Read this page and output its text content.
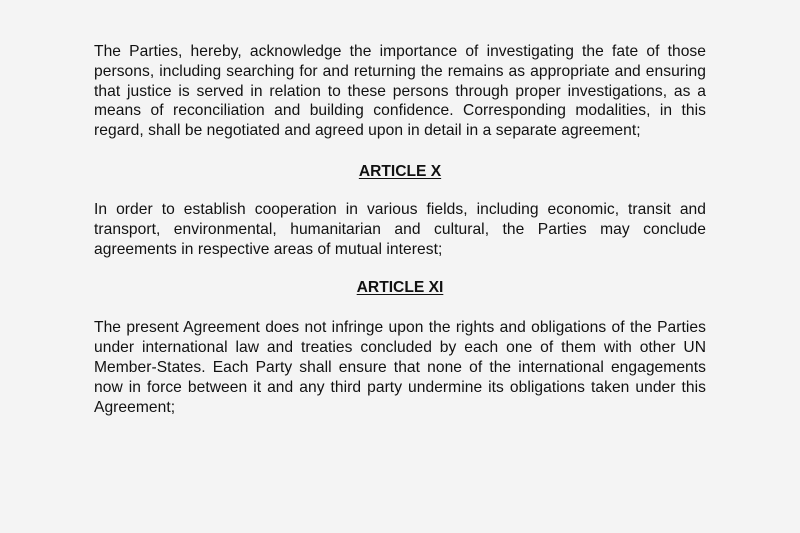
The Parties, hereby, acknowledge the importance of investigating the fate of those persons, including searching for and returning the remains as appropriate and ensuring that justice is served in relation to these persons through proper investigations, as a means of reconciliation and building confidence. Corresponding modalities, in this regard, shall be negotiated and agreed upon in detail in a separate agreement;

ARTICLE X

In order to establish cooperation in various fields, including economic, transit and transport, environmental, humanitarian and cultural, the Parties may conclude agreements in respective areas of mutual interest;

ARTICLE XI

The present Agreement does not infringe upon the rights and obligations of the Parties under international law and treaties concluded by each one of them with other UN Member-States. Each Party shall ensure that none of the international engagements now in force between it and any third party undermine its obligations taken under this Agreement;
